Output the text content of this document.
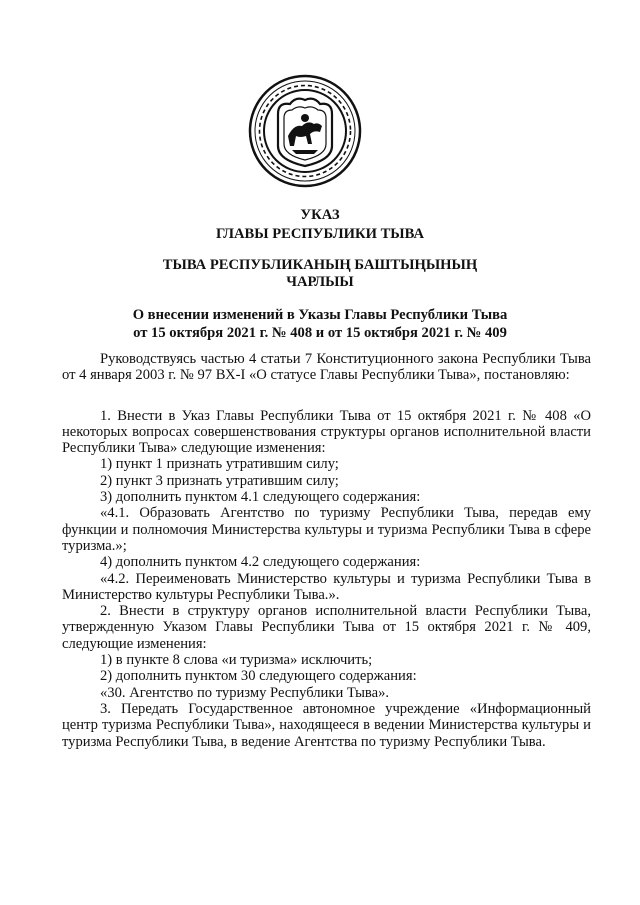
УКАЗ
ГЛАВЫ РЕСПУБЛИКИ ТЫВА
ТЫВА РЕСПУБЛИКАНЫҢ БАШТЫҢЫНЫҢ
ЧАРЛЫЫ
О внесении изменений в Указы Главы Республики Тыва
от 15 октября 2021 г. № 408 и от 15 октября 2021 г. № 409

Руководствуясь частью 4 статьи 7 Конституционного закона Республики Тыва от 4 января 2003 г. № 97 ВХ-I «О статусе Главы Республики Тыва», постановляю:

1. Внести в Указ Главы Республики Тыва от 15 октября 2021 г. № 408 «О некоторых вопросах совершенствования структуры органов исполнительной власти Республики Тыва» следующие изменения:

1) пункт 1 признать утратившим силу;

2) пункт 3 признать утратившим силу;

3) дополнить пунктом 4.1 следующего содержания:

«4.1. Образовать Агентство по туризму Республики Тыва, передав ему функции и полномочия Министерства культуры и туризма Республики Тыва в сфере туризма.»;

4) дополнить пунктом 4.2 следующего содержания:

«4.2. Переименовать Министерство культуры и туризма Республики Тыва в Министерство культуры Республики Тыва.».

2. Внести в структуру органов исполнительной власти Республики Тыва, утвержденную Указом Главы Республики Тыва от 15 октября 2021 г. № 409, следующие изменения:

1) в пункте 8 слова «и туризма» исключить;

2) дополнить пунктом 30 следующего содержания:

«30. Агентство по туризму Республики Тыва».

3. Передать Государственное автономное учреждение «Информационный центр туризма Республики Тыва», находящееся в ведении Министерства культуры и туризма Республики Тыва, в ведение Агентства по туризму Республики Тыва.
